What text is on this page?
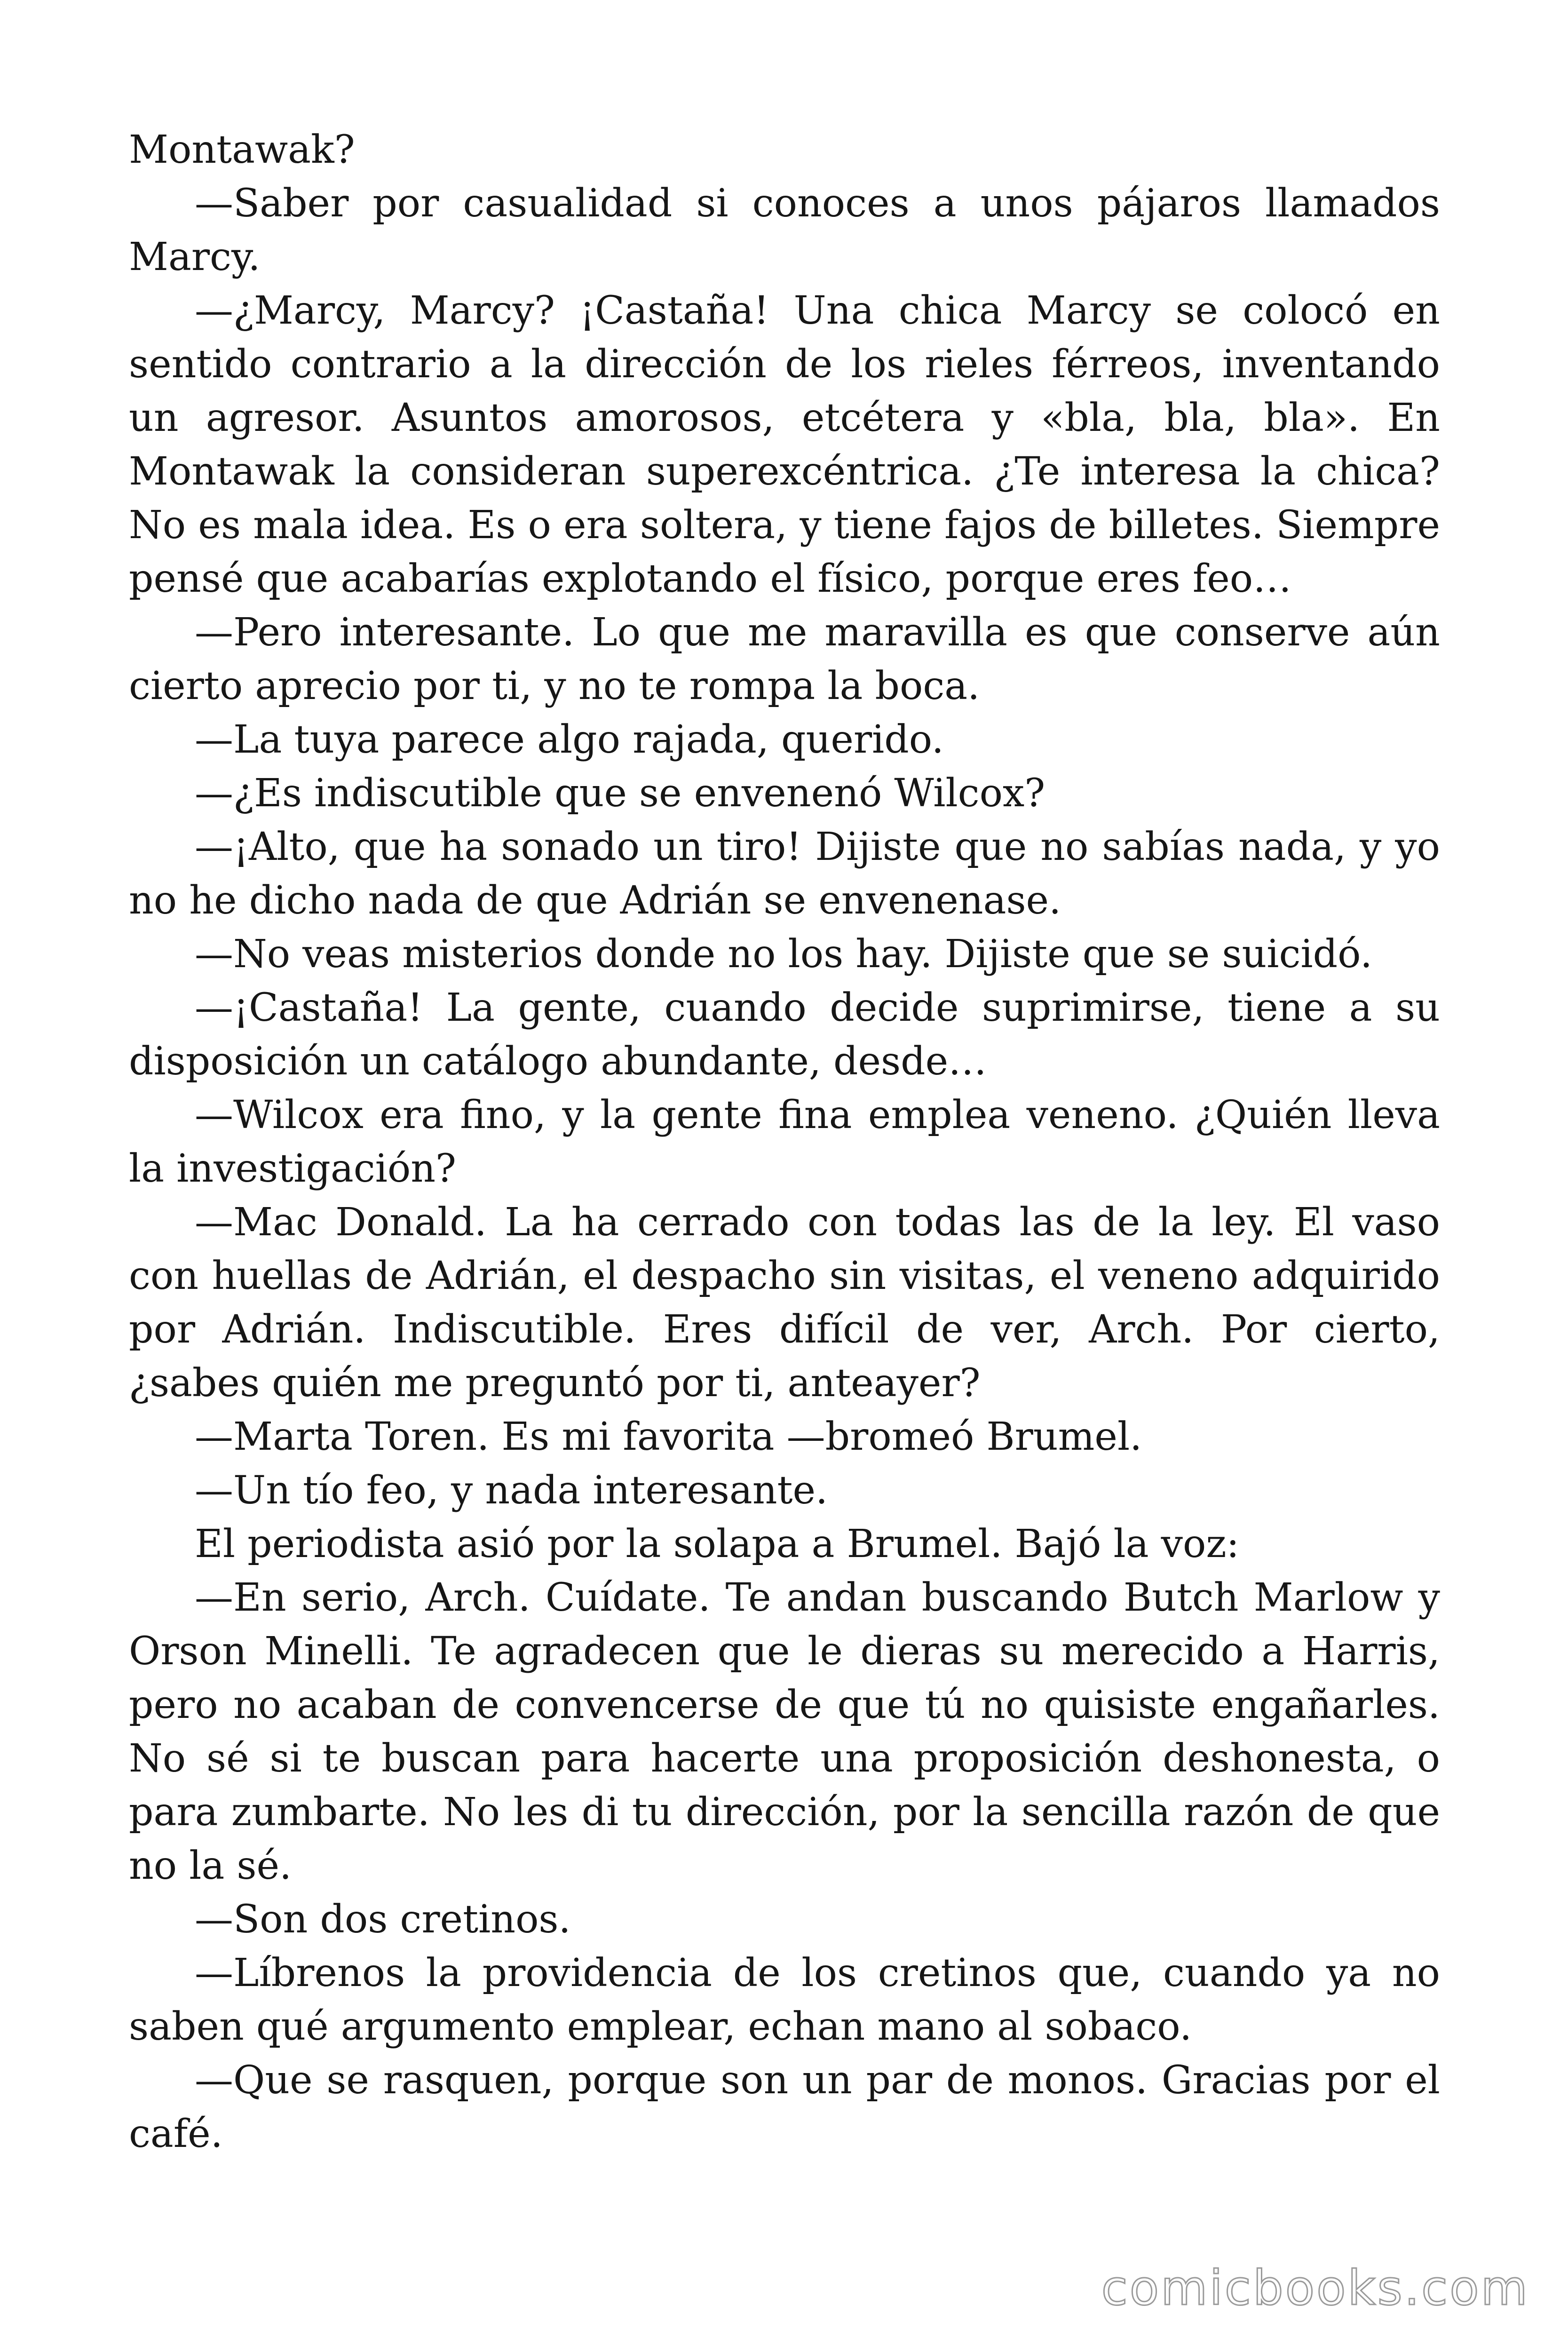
Montawak?

—Saber por casualidad si conoces a unos pájaros llamados Marcy.

—¿Marcy, Marcy? ¡Castaña! Una chica Marcy se colocó en sentido contrario a la dirección de los rieles férreos, inventando un agresor. Asuntos amorosos, etcétera y «bla, bla, bla». En Montawak la consideran superexcéntrica. ¿Te interesa la chica? No es mala idea. Es o era soltera, y tiene fajos de billetes. Siempre pensé que acabarías explotando el físico, porque eres feo…

—Pero interesante. Lo que me maravilla es que conserve aún cierto aprecio por ti, y no te rompa la boca.

—La tuya parece algo rajada, querido.

—¿Es indiscutible que se envenenó Wilcox?

—¡Alto, que ha sonado un tiro! Dijiste que no sabías nada, y yo no he dicho nada de que Adrián se envenenase.

—No veas misterios donde no los hay. Dijiste que se suicidó.

—¡Castaña! La gente, cuando decide suprimirse, tiene a su disposición un catálogo abundante, desde…

—Wilcox era fino, y la gente fina emplea veneno. ¿Quién lleva la investigación?

—Mac Donald. La ha cerrado con todas las de la ley. El vaso con huellas de Adrián, el despacho sin visitas, el veneno adquirido por Adrián. Indiscutible. Eres difícil de ver, Arch. Por cierto, ¿sabes quién me preguntó por ti, anteayer?

—Marta Toren. Es mi favorita —bromeó Brumel.

—Un tío feo, y nada interesante.

El periodista asió por la solapa a Brumel. Bajó la voz:

—En serio, Arch. Cuídate. Te andan buscando Butch Marlow y Orson Minelli. Te agradecen que le dieras su merecido a Harris, pero no acaban de convencerse de que tú no quisiste engañarles. No sé si te buscan para hacerte una proposición deshonesta, o para zumbarte. No les di tu dirección, por la sencilla razón de que no la sé.

—Son dos cretinos.

—Líbrenos la providencia de los cretinos que, cuando ya no saben qué argumento emplear, echan mano al sobaco.

—Que se rasquen, porque son un par de monos. Gracias por el café.

comicbooks.com
